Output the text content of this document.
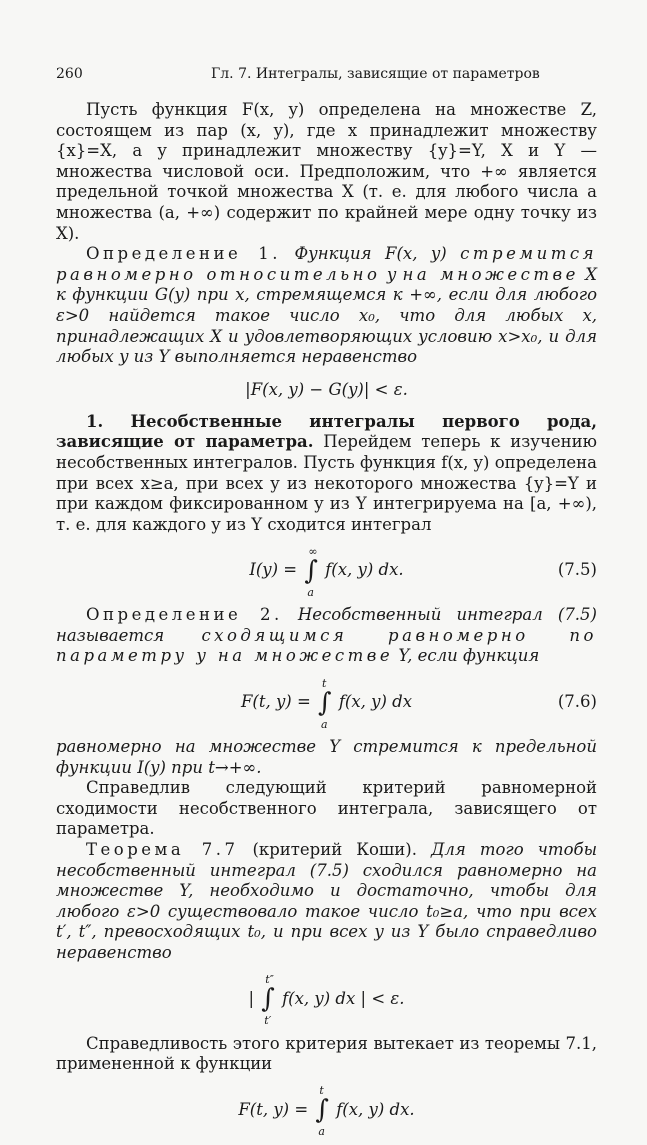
260	Гл. 7. Интегралы, зависящие от параметров

Пусть функция F(x, y) определена на множестве Z, состоящем из пар (x, y), где x принадлежит множеству {x}=X, а y принадлежит множеству {y}=Y, X и Y — множества числовой оси. Предположим, что +∞ является предельной точкой множества X (т. е. для любого числа a множества (a, +∞) содержит по крайней мере одну точку из X).

Определение 1. Функция F(x, y) стремится равномерно относительно y на множестве X к функции G(y) при x, стремящемся к +∞, если для любого ε>0 найдется такое число x₀, что для любых x, принадлежащих X и удовлетворяющих условию x>x₀, и для любых y из Y выполняется неравенство

|F(x, y) − G(y)| < ε.

1. Несобственные интегралы первого рода, зависящие от параметра. Перейдем теперь к изучению несобственных интегралов. Пусть функция f(x, y) определена при всех x≥a, при всех y из некоторого множества {y}=Y и при каждом фиксированном y из Y интегрируема на [a, +∞), т. е. для каждого y из Y сходится интеграл

I(y) = ∫
∞
a
f(x, y) dx.	(7.5)

Определение 2. Несобственный интеграл (7.5) называется сходящимся равномерно по параметру y на множестве Y, если функция

F(t, y) = ∫
t
a
f(x, y) dx	(7.6)

равномерно на множестве Y стремится к предельной функции I(y) при t→+∞.

Справедлив следующий критерий равномерной сходимости несобственного интеграла, зависящего от параметра.

Теорема 7.7 (критерий Коши). Для того чтобы несобственный интеграл (7.5) сходился равномерно на множестве Y, необходимо и достаточно, чтобы для любого ε>0 существовало такое число t₀≥a, что при всех t′, t″, превосходящих t₀, и при всех y из Y было справедливо неравенство

| ∫
t″
t′
f(x, y) dx | < ε.

Справедливость этого критерия вытекает из теоремы 7.1, примененной к функции

F(t, y) = ∫
t
a
f(x, y) dx.
